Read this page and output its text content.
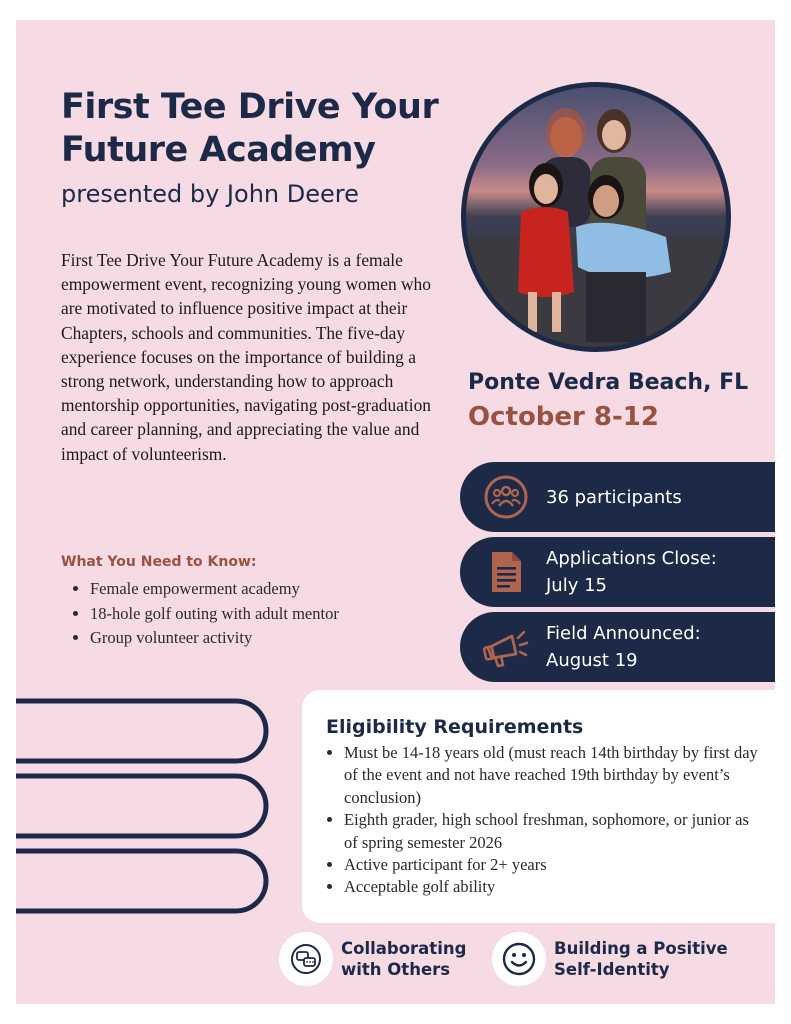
First Tee Drive Your Future Academy
presented by John Deere

First Tee Drive Your Future Academy is a female empowerment event, recognizing young women who are motivated to influence positive impact at their Chapters, schools and communities. The five-day experience focuses on the importance of building a strong network, understanding how to approach mentorship opportunities, navigating post-graduation and career planning, and appreciating the value and impact of volunteerism.

What You Need to Know:
• Female empowerment academy
• 18-hole golf outing with adult mentor
• Group volunteer activity
Ponte Vedra Beach, FL
October 8-12
36 participants
Applications Close:
July 15
Field Announced:
August 19
Eligibility Requirements
• Must be 14-18 years old (must reach 14th birthday by first day of the event and not have reached 19th birthday by event’s conclusion)
• Eighth grader, high school freshman, sophomore, or junior as of spring semester 2026
• Active participant for 2+ years
• Acceptable golf ability
Collaborating
with Others
Building a Positive
Self-Identity
